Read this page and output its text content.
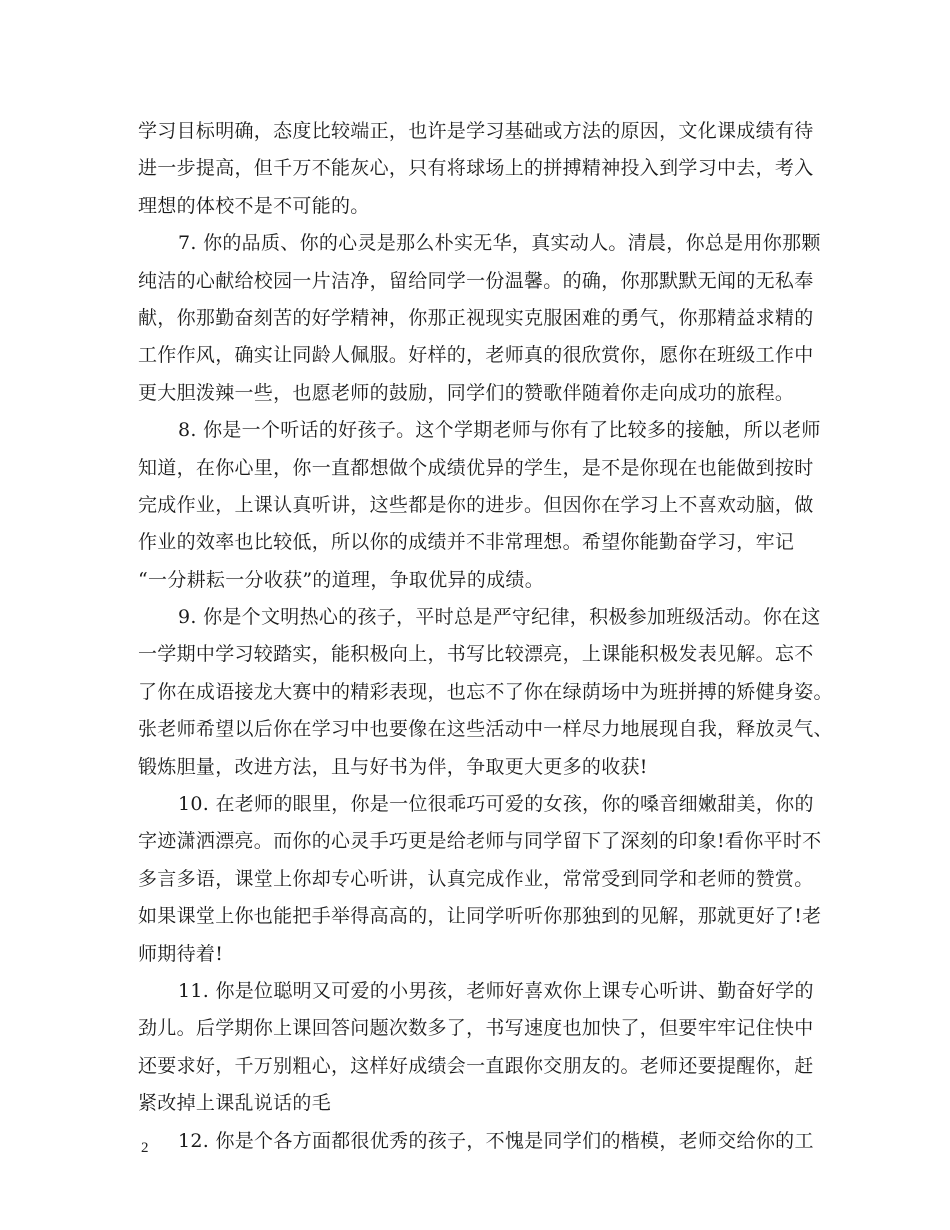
学习目标明确，态度比较端正，也许是学习基础或方法的原因，文化课成绩有待
进一步提高，但千万不能灰心，只有将球场上的拼搏精神投入到学习中去，考入
理想的体校不是不可能的。
7. 你的品质、你的心灵是那么朴实无华，真实动人。清晨，你总是用你那颗
纯洁的心献给校园一片洁净，留给同学一份温馨。的确，你那默默无闻的无私奉
献，你那勤奋刻苦的好学精神，你那正视现实克服困难的勇气，你那精益求精的
工作作风，确实让同龄人佩服。好样的，老师真的很欣赏你，愿你在班级工作中
更大胆泼辣一些，也愿老师的鼓励，同学们的赞歌伴随着你走向成功的旅程。
8. 你是一个听话的好孩子。这个学期老师与你有了比较多的接触，所以老师
知道，在你心里，你一直都想做个成绩优异的学生，是不是你现在也能做到按时
完成作业，上课认真听讲，这些都是你的进步。但因你在学习上不喜欢动脑，做
作业的效率也比较低，所以你的成绩并不非常理想。希望你能勤奋学习，牢记
“一分耕耘一分收获”的道理，争取优异的成绩。
9. 你是个文明热心的孩子，平时总是严守纪律，积极参加班级活动。你在这
一学期中学习较踏实，能积极向上，书写比较漂亮，上课能积极发表见解。忘不
了你在成语接龙大赛中的精彩表现，也忘不了你在绿荫场中为班拼搏的矫健身姿。
张老师希望以后你在学习中也要像在这些活动中一样尽力地展现自我，释放灵气、
锻炼胆量，改进方法，且与好书为伴，争取更大更多的收获!
10. 在老师的眼里，你是一位很乖巧可爱的女孩，你的嗓音细嫩甜美，你的
字迹潇洒漂亮。而你的心灵手巧更是给老师与同学留下了深刻的印象!看你平时不
多言多语，课堂上你却专心听讲，认真完成作业，常常受到同学和老师的赞赏。
如果课堂上你也能把手举得高高的，让同学听听你那独到的见解，那就更好了!老
师期待着!
11. 你是位聪明又可爱的小男孩，老师好喜欢你上课专心听讲、勤奋好学的
劲儿。后学期你上课回答问题次数多了，书写速度也加快了，但要牢牢记住快中
还要求好，千万别粗心，这样好成绩会一直跟你交朋友的。老师还要提醒你，赶
紧改掉上课乱说话的毛
12. 你是个各方面都很优秀的孩子，不愧是同学们的楷模，老师交给你的工
2
